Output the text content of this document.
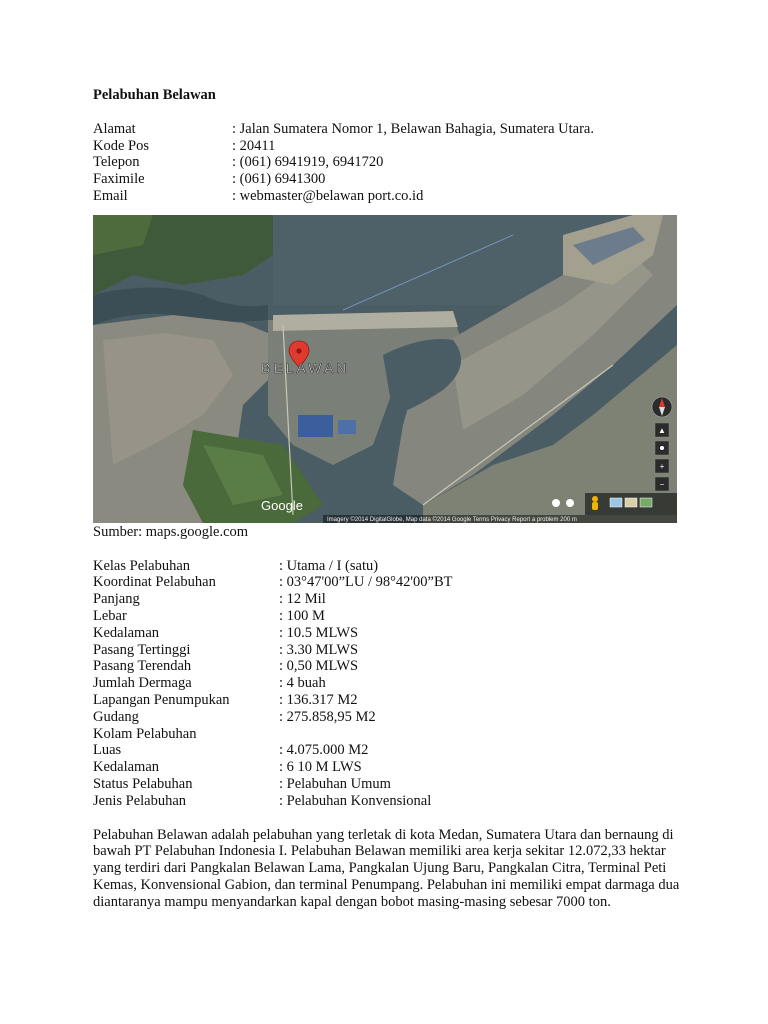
Pelabuhan Belawan
Alamat	: Jalan Sumatera Nomor 1, Belawan Bahagia, Sumatera Utara.
Kode Pos	: 20411
Telepon	: (061) 6941919, 6941720
Faximile	: (061) 6941300
Email	: webmaster@belawan port.co.id
BELAWAN
Google
Imagery ©2014 DigitalGlobe, Map data ©2014 Google Terms Privacy Report a problem 200 m
▲
+
−
Sumber: maps.google.com
Kelas Pelabuhan	: Utama / I (satu)
Koordinat Pelabuhan	: 03°47'00”LU / 98°42'00”BT
Panjang	: 12 Mil
Lebar	: 100 M
Kedalaman	: 10.5 MLWS
Pasang Tertinggi	: 3.30 MLWS
Pasang Terendah	: 0,50 MLWS
Jumlah Dermaga	: 4 buah
Lapangan Penumpukan	: 136.317 M2
Gudang	: 275.858,95 M2
Kolam Pelabuhan
Luas	: 4.075.000 M2
Kedalaman	: 6 10 M LWS
Status Pelabuhan	: Pelabuhan Umum
Jenis Pelabuhan	: Pelabuhan Konvensional
Pelabuhan Belawan adalah pelabuhan yang terletak di kota Medan, Sumatera Utara dan bernaung di bawah PT Pelabuhan Indonesia I. Pelabuhan Belawan memiliki area kerja sekitar 12.072,33 hektar yang terdiri dari Pangkalan Belawan Lama, Pangkalan Ujung Baru, Pangkalan Citra, Terminal Peti Kemas, Konvensional Gabion, dan terminal Penumpang. Pelabuhan ini memiliki empat darmaga dua diantaranya mampu menyandarkan kapal dengan bobot masing-masing sebesar 7000 ton.
